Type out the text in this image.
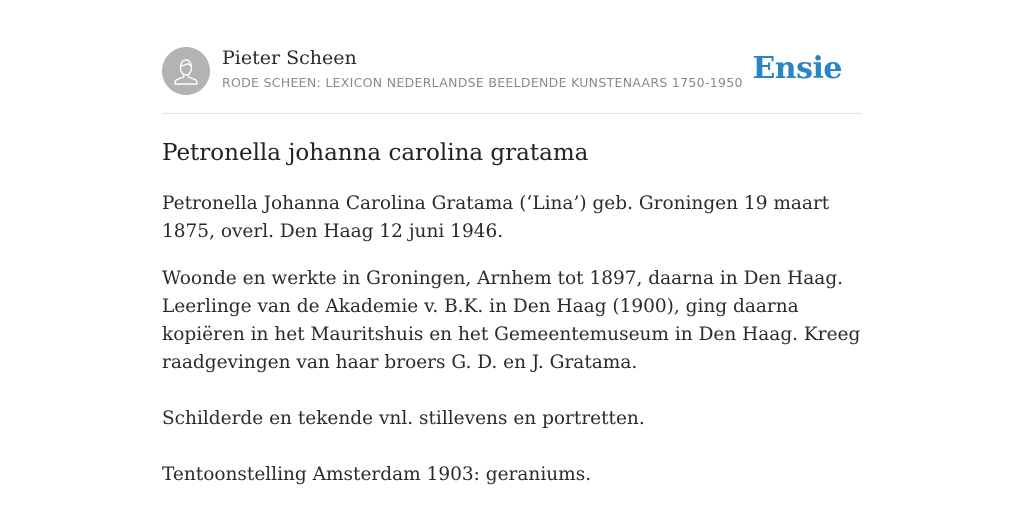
Pieter Scheen
RODE SCHEEN: LEXICON NEDERLANDSE BEELDENDE KUNSTENAARS 1750-1950 Ensie
Petronella johanna carolina gratama

Petronella Johanna Carolina Gratama (‘Lina’) geb. Groningen 19 maart 1875, overl. Den Haag 12 juni 1946.

Woonde en werkte in Groningen, Arnhem tot 1897, daarna in Den Haag. Leerlinge van de Akademie v. B.K. in Den Haag (1900), ging daarna kopiëren in het Mauritshuis en het Gemeentemuseum in Den Haag. Kreeg raadgevingen van haar broers G. D. en J. Gratama.

Schilderde en tekende vnl. stillevens en portretten.

Tentoonstelling Amsterdam 1903: geraniums.
